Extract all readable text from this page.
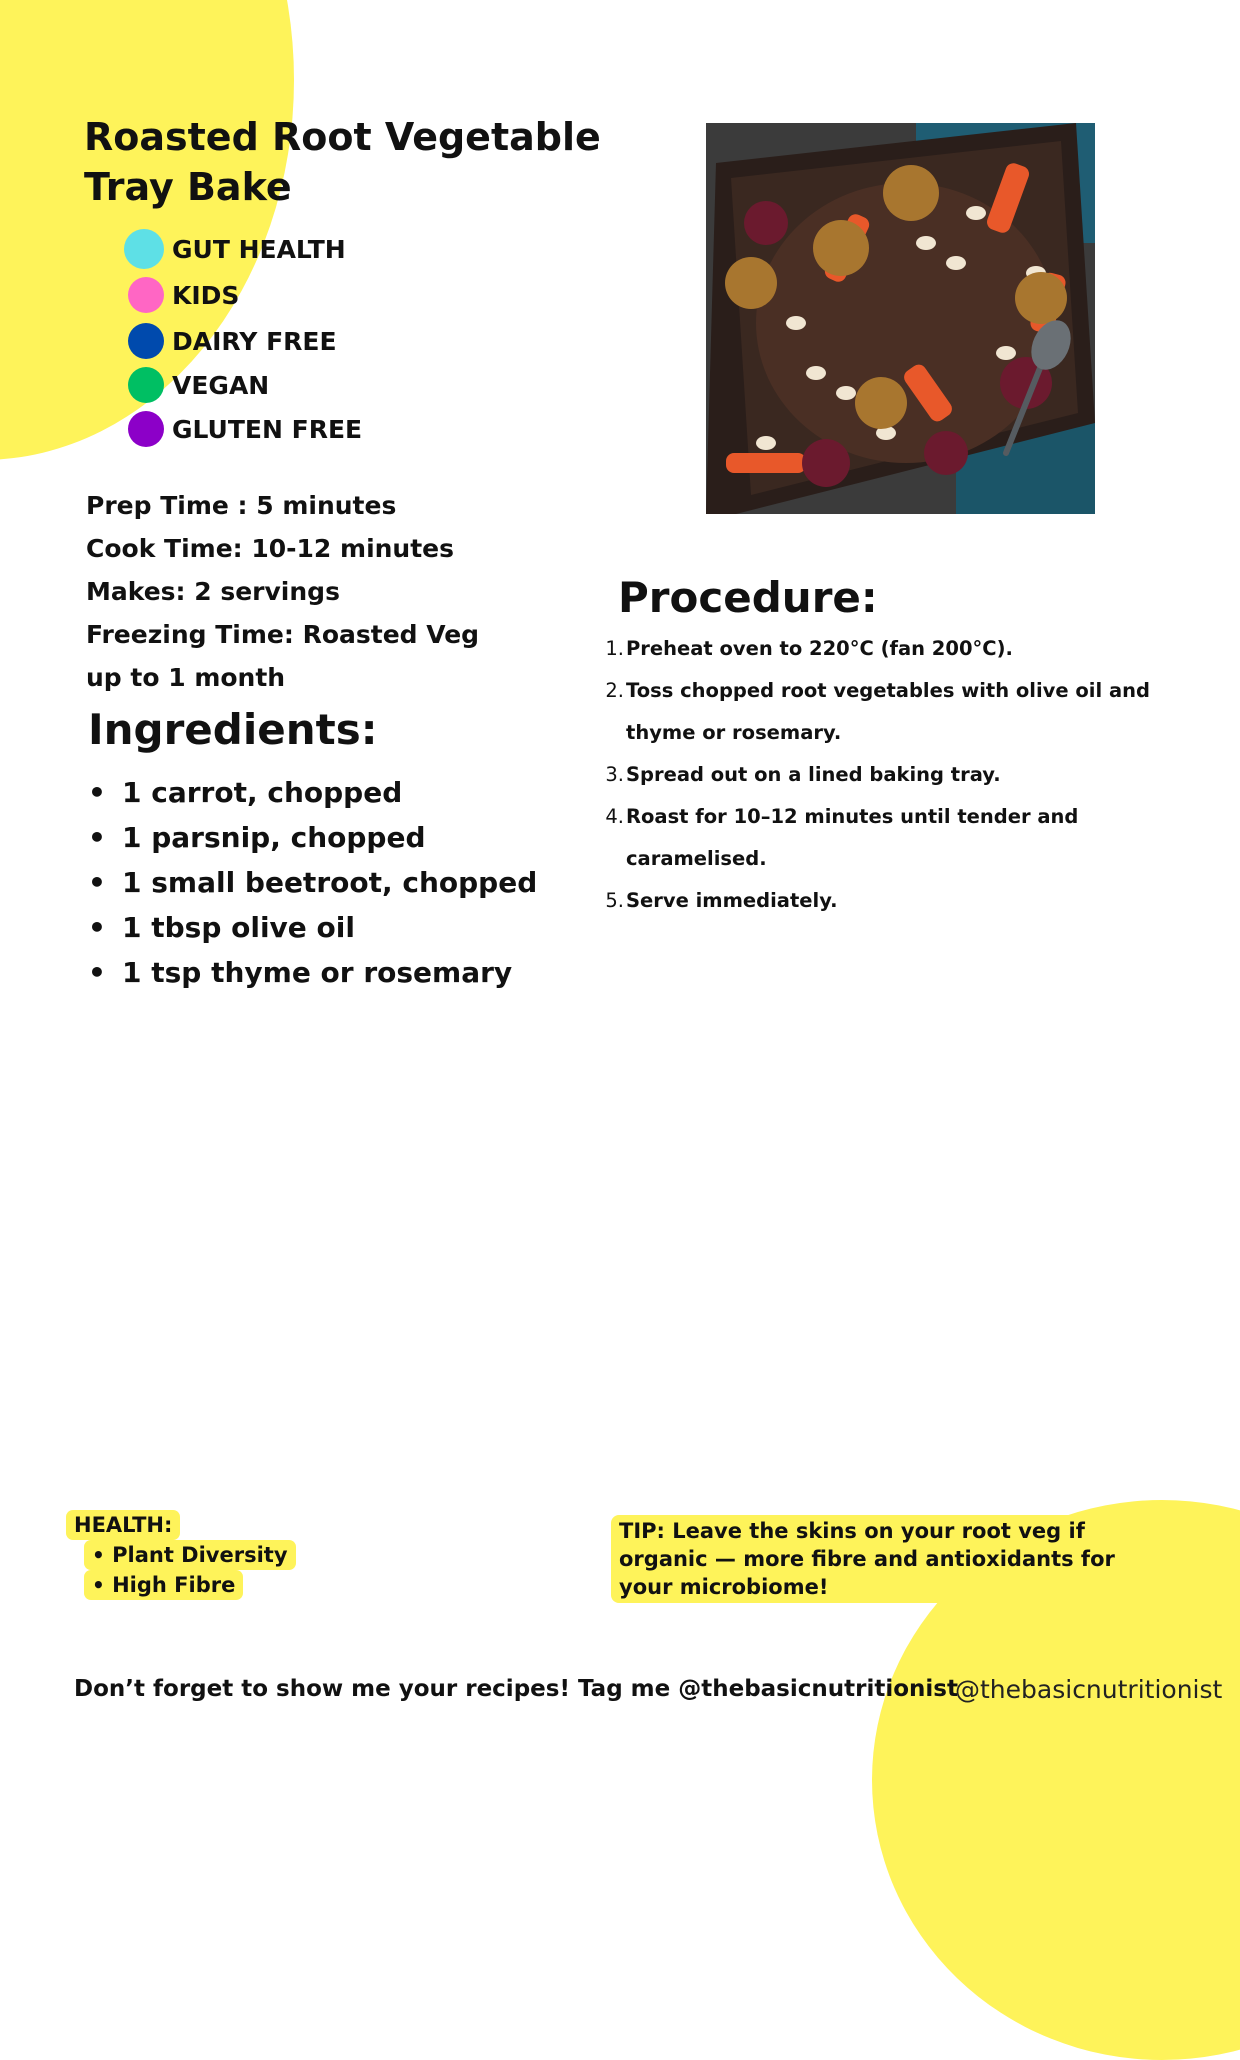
Roasted Root Vegetable Tray Bake
GUT HEALTH
KIDS
DAIRY FREE
VEGAN
GLUTEN FREE
Prep Time : 5 minutes
Cook Time: 10-12 minutes
Makes: 2 servings
Freezing Time: Roasted Veg up to 1 month
Ingredients:
• 1 carrot, chopped
• 1 parsnip, chopped
• 1 small beetroot, chopped
• 1 tbsp olive oil
• 1 tsp thyme or rosemary
Procedure:
1. Preheat oven to 220°C (fan 200°C).
2. Toss chopped root vegetables with olive oil and thyme or rosemary.
3. Spread out on a lined baking tray.
4. Roast for 10–12 minutes until tender and caramelised.
5. Serve immediately.
HEALTH:
• Plant Diversity
• High Fibre
TIP: Leave the skins on your root veg if organic — more fibre and antioxidants for your microbiome!
Don’t forget to show me your recipes! Tag me @thebasicnutritionist
@thebasicnutritionist
